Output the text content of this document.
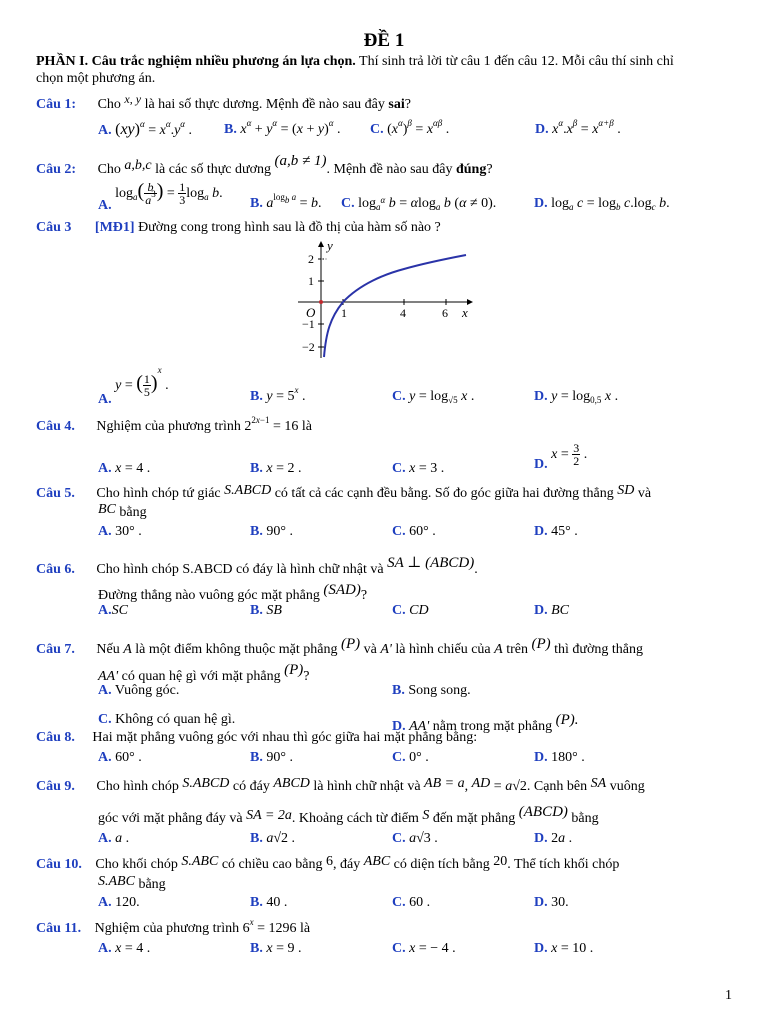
ĐỀ 1
PHẦN I. Câu trắc nghiệm nhiều phương án lựa chọn. Thí sinh trả lời từ câu 1 đến câu 12. Mỗi câu thí sinh chỉ
chọn một phương án.
Câu 1: Cho x, y là hai số thực dương. Mệnh đề nào sau đây sai?
A. $(xy)^\alpha = x^\alpha.y^\alpha$ . B. $x^\alpha + y^\alpha = (x + y)^\alpha$ . C. $(x^\alpha)^\beta = x^{\alpha\beta}$ .	D. $x^\alpha.x^\beta = x^{\alpha+\beta}$ .
Câu 2: Cho a,b,c là các số thực dương (a,b ≠ 1). Mệnh đề nào sau đây đúng?
A. $\log_a( \frac{b}{a^3}$ ) = $\frac{1}{3} \log_a b$.
B. $a^{log_b a} = b$. C. $\log_{a^\alpha} b = \alpha\log_a$ b (α ≠ 0).	D. $\log_a c = \log_b c.\log_c$ b.
Câu 3 [MĐ1] Đường cong trong hình sau là đồ thị của hàm số nào ?
y
x
O
2
1
−1
−2
1	4	6
A. y = ( $\frac{1}{5} )^x$ .
B. $y = 5^x$ .	C. $y = \log_{√5} x$ .	D. $y = \log_{0,5} x$ .
Câu 4. Nghiệm của phương trình $2^{2x-1} = 16$ là
A. x = 4 .	B. x = 2 .	C. x = 3 .	D. $x = \frac{3}{2}$ .
Câu 5. Cho hình chóp tứ giác S.ABCD có tất cả các cạnh đều bằng. Số đo góc giữa hai đường thẳng SD và
BC bằng
A. 30° .	B. 90° .	C. 60° .	D. 45° .
Câu 6. Cho hình chóp S.ABCD có đáy là hình chữ nhật và SA ⊥ (ABCD).
Đường thẳng nào vuông góc mặt phẳng (SAD)?
A.SC	B. SB	C. CD	D. BC
Câu 7. Nếu A là một điểm không thuộc mặt phẳng (P) và A' là hình chiếu của A trên (P) thì đường thẳng
AA' có quan hệ gì với mặt phẳng (P)?
A. Vuông góc.	B. Song song.
C. Không có quan hệ gì.	D. AA' nằm trong mặt phẳng (P).
Câu 8. Hai mặt phẳng vuông góc với nhau thì góc giữa hai mặt phẳng bằng:
A. 60° .	B. 90° .	C. 0° .	D. 180° .
Câu 9. Cho hình chóp S.ABCD có đáy ABCD là hình chữ nhật và AB = a, AD = a√2. Cạnh bên SA vuông
góc với mặt phẳng đáy và SA = 2a. Khoảng cách từ điểm S đến mặt phẳng (ABCD) bằng
A. a .	B. a√2 .	C. a√3 .	D. 2a .
Câu 10. Cho khối chóp S.ABC có chiều cao bằng 6, đáy ABC có diện tích bằng 20. Thể tích khối chóp
S.ABC bằng
A. 120.	B. 40 .	C. 60 .	D. 30.
Câu 11. Nghiệm của phương trình $6^x = 1296$ là
A. x = 4 .	B. x = 9 .	C. x = − 4 .	D. x = 10 .
1
